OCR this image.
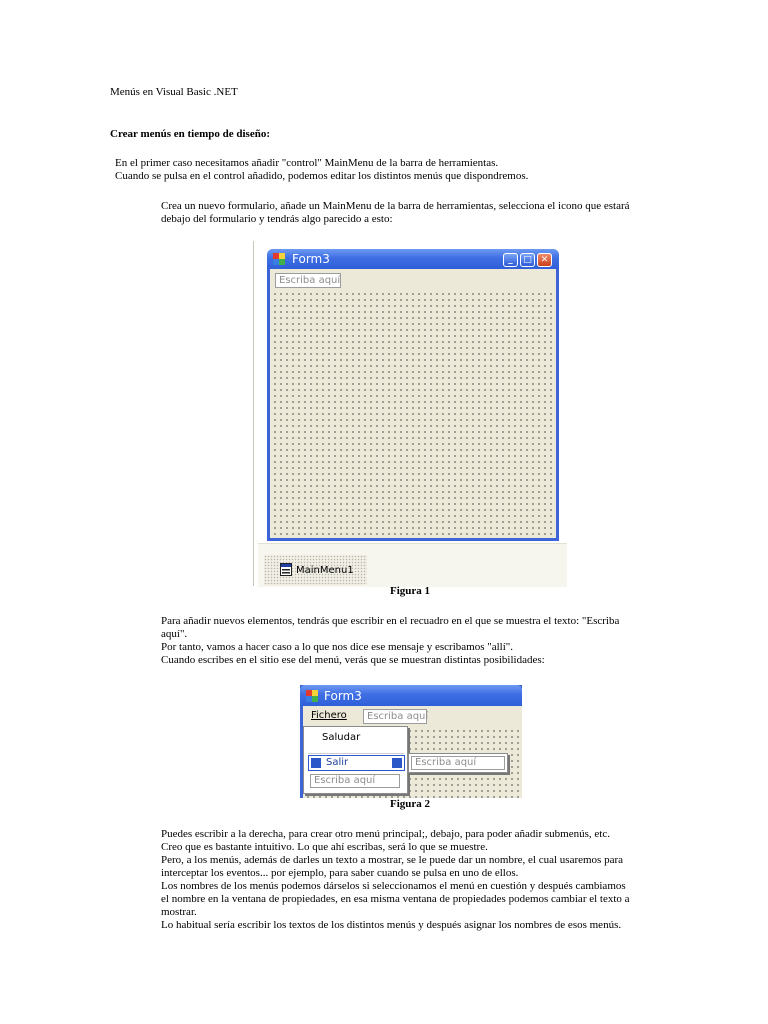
Menús en Visual Basic .NET
Crear menús en tiempo de diseño:
En el primer caso necesitamos añadir "control" MainMenu de la barra de herramientas.
Cuando se pulsa en el control añadido, podemos editar los distintos menús que dispondremos.
Crea un nuevo formulario, añade un MainMenu de la barra de herramientas, selecciona el icono que estará
debajo del formulario y tendrás algo parecido a esto:
Form3	_	□ ✕
Escriba aquí
MainMenu1
Figura 1
Para añadir nuevos elementos, tendrás que escribir en el recuadro en el que se muestra el texto: "Escriba
aquí".
Por tanto, vamos a hacer caso a lo que nos dice ese mensaje y escribamos "allí".
Cuando escribes en el sitio ese del menú, verás que se muestran distintas posibilidades:
Form3
Fichero	Escriba aquí
Saludar
Salir
Escriba aquí
Escriba aquí
Figura 2
Puedes escribir a la derecha, para crear otro menú principal;, debajo, para poder añadir submenús, etc.
Creo que es bastante intuitivo. Lo que ahí escribas, será lo que se muestre.
Pero, a los menús, además de darles un texto a mostrar, se le puede dar un nombre, el cual usaremos para
interceptar los eventos... por ejemplo, para saber cuando se pulsa en uno de ellos.
Los nombres de los menús podemos dárselos si seleccionamos el menú en cuestión y después cambiamos
el nombre en la ventana de propiedades, en esa misma ventana de propiedades podemos cambiar el texto a
mostrar.
Lo habitual sería escribir los textos de los distintos menús y después asignar los nombres de esos menús.
